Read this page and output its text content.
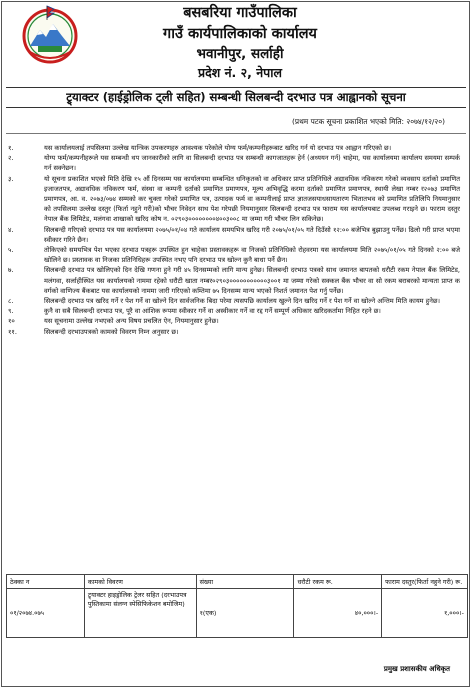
बसबरिया गाउँपालिका
गाउँ कार्यपालिकाको कार्यालय
भवानीपुर, सर्लाही
प्रदेश नं. २, नेपाल
ट्र्याक्टर (हाईड्रोलिक ट्ली सहित) सम्बन्धी सिलबन्दी दरभाउ पत्र आह्वानको सूचना
(प्रथम पटक सूचना प्रकाशित भएको मिति: २०७४/१२/२०)
१.	यस कार्यालयलाई तपसिलमा उल्लेख यान्त्रिक उपकरणहरु आवश्यक परेकोले योग्य फर्म/कम्पनीहरूबाट खरिद गर्न यो दरभाउ पत्र आह्वान गरिएको छ।
२.	योग्य फर्म/कम्पनीहरूले यस सम्बन्धी थप जानकारीको लागि वा सिलबन्दी दरभाउ पत्र सम्बन्धी कागजातहरू हेर्न (अध्ययन गर्न) चाहेमा, यस कार्यालयमा कार्यालय समयमा सम्पर्क गर्न सक्नेछन।
३.	यो सूचना प्रकाशित भएको मिति देखि १५ औं दिनसम्म यस कार्यालयमा सम्बन्धित धनिकृतको वा अधिकार प्राप्त प्रतिनिधिले अद्यावधिक नविकरण गरेको व्यवसाय दर्ताको प्रमाणित इजाजतपत्र, अद्यावधिक नविकरण फर्म, संस्था वा कम्पनी दर्ताको प्रमाणित प्रमाणपत्र, मूल्य अभिवृद्धि करमा दर्ताको प्रमाणित प्रमाणपत्र, स्थायी लेखा नम्बर र२०७३ प्रमाणित प्रमाणपत्र, आ. व. २०७३/०७४ सम्मको कर चुक्ता गरेको प्रमाणित पत्र, उत्पादक फर्म वा कम्पनीलाई प्राप्त ज्ञातजसयाधसायतारण भितातभव को प्रमाणित प्रतिलिपि नियमानुसार को तपसिलमा उल्लेख दस्तुर (फिर्ता नहुने गरी)को भौचर निवेदन साथ पेश गरेपछी नियमानुसार सिलबन्दी दरभाउ पत्र फाराम यस कार्यालयबाट उपलब्ध गराइने छ। फाराम दस्तुर नेपाल बैंक लिमिटेड, मलंगवा शाखाको खरिद कोष न. ०२९०३००००००००४००३००८ मा जम्मा गरी भौचर लिन सकिनेछ।
४.	सिलबन्दी गरिएको दरभाउ पत्र यस कार्यालयमा २०७५/०१/०४ गते कार्यालय समयभित्र खरिद गरी २०७५/०१/०५ गते दिउँसो १२:०० बजेभित्र बुझाउनु पर्नेछ। ढिलो गरी प्राप्त भएमा स्वीकार गरिने छैन।
५.	तोकिएको समयभित्र पेश भएका दरभाउ पत्रहरू उपस्थित हुन चाहेका प्रस्तावकहरू वा निजको प्रतिनिधिको रोहवरमा यस कार्यालयमा मिति २०७५/०१/०५ गते दिनको २:०० बजे खोलिने छ। प्रस्तावक वा निजका प्रतिनिधिहरू उपस्थित नभए पनि दरभाउ पत्र खोल्न कुनै बाधा पर्ने छैन।
७.	सिलबन्दी दरभाउ पत्र खोलिएको दिन देखि गणना हुने गरी ४५ दिनसम्मको लागि मान्य हुनेछ। सिलबन्दी दरभाउ पत्रको साथ जमानत बापतको धरौटी रकम नेपाल बैंक लिमिटेड, मलंगवा, सर्लाहीस्थित यस कार्यालयको नाममा रहेको धरौटी खाता नम्बर०२९०३०००००००००००३००१ मा जम्मा गरेको सक्कल बैंक भौचर वा सो रकम बराबरको मान्यता प्राप्त क वर्गको वाणिज्य बैंकबाट यस कार्यालयको नाममा जारी गरिएको कम्तिमा ७५ दिनसम्म मान्य भएको निशर्त जमानत पेश गर्नु पर्नेछ।
८.	सिलबन्दी दरभाउ पत्र खरिद गर्ने र पेश गर्ने वा खोल्ने दिन सार्वजनिक बिदा परेमा त्यसपछि कार्यालय खुल्ने दिन खरिद गर्ने र पेश गर्ने वा खोल्ने अन्तिम मिति कायम हुनेछ।
९.	कुनै वा सबै सिलबन्दी दरभाउ पत्र, पूरै वा आंशिक रूपमा स्वीकार गर्ने वा अस्वीकार गर्ने वा रद्द गर्ने सम्पूर्ण अधिकार खरिदकर्तामा निहित रहने छ।
१०	यस सूचनामा उल्लेख नभएको अन्य विषय प्रचलित ऐन, नियमानुसार हुनेछ।
११.	सिलबन्दी दरभाउपत्रको कामको विवरण निम्न अनुसार छ।
ठेक्का न	कामको विवरण	संख्या	धरौटी रकम रू.	फाराम दस्तुर(फिर्ता नहुने गरी) रू.
०१/२०७४.०७५	ट्र्याक्टर हाइड्रोलिक ट्रेलर सहित (दरभाउपत्र पुस्तिकामा संलग्न स्पेसिफिकेशन बमोजिम)	१(एक)	४०,०००।-	१,०००।-
प्रमुख प्रशासकीय अधिकृत
